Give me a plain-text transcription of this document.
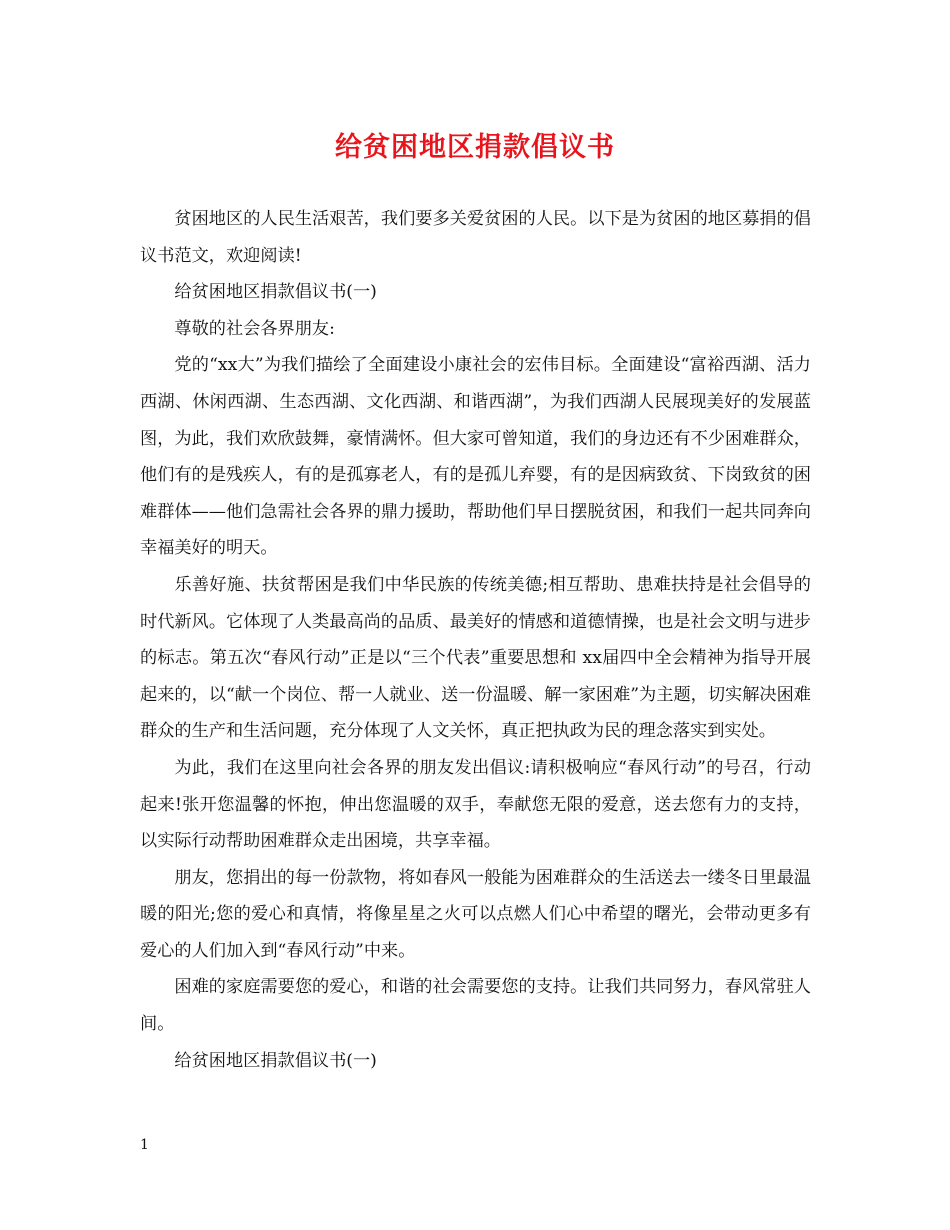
给贫困地区捐款倡议书

贫困地区的人民生活艰苦，我们要多关爱贫困的人民。以下是为贫困的地区募捐的倡议书范文，欢迎阅读!

给贫困地区捐款倡议书(一)

尊敬的社会各界朋友:

党的“xx大”为我们描绘了全面建设小康社会的宏伟目标。全面建设“富裕西湖、活力西湖、休闲西湖、生态西湖、文化西湖、和谐西湖”，为我们西湖人民展现美好的发展蓝图，为此，我们欢欣鼓舞，豪情满怀。但大家可曾知道，我们的身边还有不少困难群众，他们有的是残疾人，有的是孤寡老人，有的是孤儿弃婴，有的是因病致贫、下岗致贫的困难群体——他们急需社会各界的鼎力援助，帮助他们早日摆脱贫困，和我们一起共同奔向幸福美好的明天。

乐善好施、扶贫帮困是我们中华民族的传统美德;相互帮助、患难扶持是社会倡导的时代新风。它体现了人类最高尚的品质、最美好的情感和道德情操，也是社会文明与进步的标志。第五次“春风行动”正是以“三个代表”重要思想和 xx届四中全会精神为指导开展起来的，以“献一个岗位、帮一人就业、送一份温暖、解一家困难”为主题，切实解决困难群众的生产和生活问题，充分体现了人文关怀，真正把执政为民的理念落实到实处。

为此，我们在这里向社会各界的朋友发出倡议:请积极响应“春风行动”的号召，行动起来!张开您温馨的怀抱，伸出您温暖的双手，奉献您无限的爱意，送去您有力的支持，以实际行动帮助困难群众走出困境，共享幸福。

朋友，您捐出的每一份款物，将如春风一般能为困难群众的生活送去一缕冬日里最温暖的阳光;您的爱心和真情，将像星星之火可以点燃人们心中希望的曙光，会带动更多有爱心的人们加入到“春风行动”中来。

困难的家庭需要您的爱心，和谐的社会需要您的支持。让我们共同努力，春风常驻人间。

给贫困地区捐款倡议书(一)

1
